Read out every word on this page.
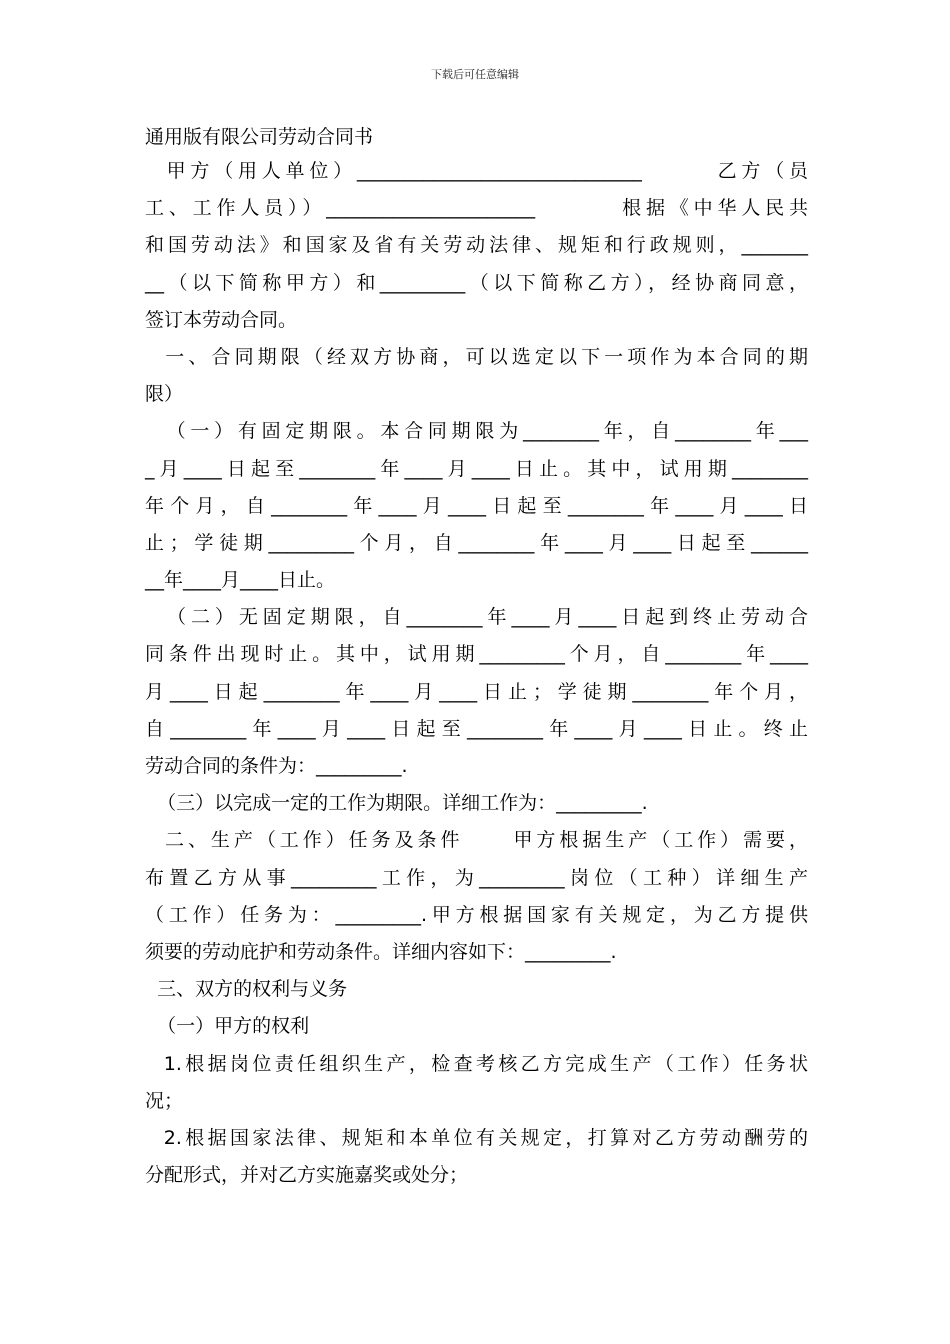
下载后可任意编辑
通用版有限公司劳动合同书
甲方（用人单位）______________________________       乙方（员
工、工作人员））______________________        根据《中华人民共
和国劳动法》和国家及省有关劳动法律、规矩和行政规则，_______
__（以下简称甲方）和_________（以下简称乙方），经协商同意，
签订本劳动合同。
一、合同期限（经双方协商，可以选定以下一项作为本合同的期
限）
（一）有固定期限。本合同期限为________年，自________年___
_月____日起至________年____月____日止。其中，试用期________
年个月，自________年____月____日起至________年____月____日
止；学徒期_________个月，自________年____月____日起至______
__年____月____日止。
（二）无固定期限，自________年____月____日起到终止劳动合
同条件出现时止。其中，试用期_________个月，自________年____
月____日起________年____月____日止；学徒期________年个月，
自________年____月____日起至________年____月____日止。终止
劳动合同的条件为：_________.
（三）以完成一定的工作为期限。详细工作为：_________.
二、生产（工作）任务及条件     甲方根据生产（工作）需要，
布置乙方从事_________工作，为_________岗位（工种）详细生产
（工作）任务为：_________.甲方根据国家有关规定，为乙方提供
须要的劳动庇护和劳动条件。详细内容如下：_________.
三、双方的权利与义务
（一）甲方的权利
1.根据岗位责任组织生产，检查考核乙方完成生产（工作）任务状
况；
2.根据国家法律、规矩和本单位有关规定，打算对乙方劳动酬劳的
分配形式，并对乙方实施嘉奖或处分；
